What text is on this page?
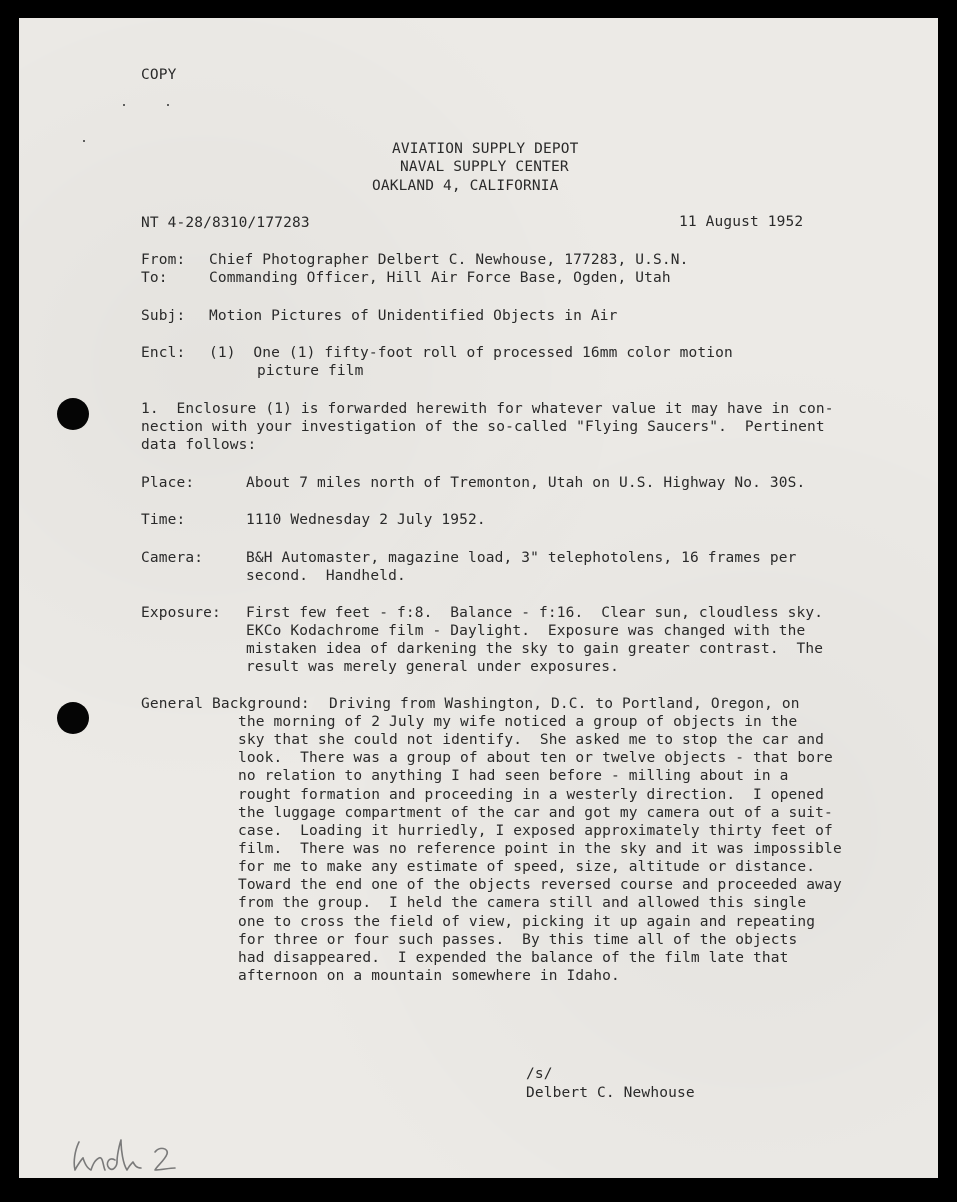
COPY
AVIATION SUPPLY DEPOT
NAVAL SUPPLY CENTER
OAKLAND 4, CALIFORNIA
NT 4-28/8310/177283	11 August 1952
From: Chief Photographer Delbert C. Newhouse, 177283, U.S.N.
To:	Commanding Officer, Hill Air Force Base, Ogden, Utah
Subj: Motion Pictures of Unidentified Objects in Air
Encl: (1)  One (1) fifty-foot roll of processed 16mm color motion
picture film
1.  Enclosure (1) is forwarded herewith for whatever value it may have in con-
nection with your investigation of the so-called "Flying Saucers".  Pertinent
data follows:
Place:	About 7 miles north of Tremonton, Utah on U.S. Highway No. 30S.
Time:	1110 Wednesday 2 July 1952.
Camera:	B&H Automaster, magazine load, 3" telephotolens, 16 frames per
second.  Handheld.
Exposure: First few feet - f:8.  Balance - f:16.  Clear sun, cloudless sky.
EKCo Kodachrome film - Daylight.  Exposure was changed with the
mistaken idea of darkening the sky to gain greater contrast.  The
result was merely general under exposures.
General Background: Driving from Washington, D.C. to Portland, Oregon, on
the morning of 2 July my wife noticed a group of objects in the
sky that she could not identify.  She asked me to stop the car and
look.  There was a group of about ten or twelve objects - that bore
no relation to anything I had seen before - milling about in a
rought formation and proceeding in a westerly direction.  I opened
the luggage compartment of the car and got my camera out of a suit-
case.  Loading it hurriedly, I exposed approximately thirty feet of
film.  There was no reference point in the sky and it was impossible
for me to make any estimate of speed, size, altitude or distance.
Toward the end one of the objects reversed course and proceeded away
from the group.  I held the camera still and allowed this single
one to cross the field of view, picking it up again and repeating
for three or four such passes.  By this time all of the objects
had disappeared.  I expended the balance of the film late that
afternoon on a mountain somewhere in Idaho.
/s/
Delbert C. Newhouse
